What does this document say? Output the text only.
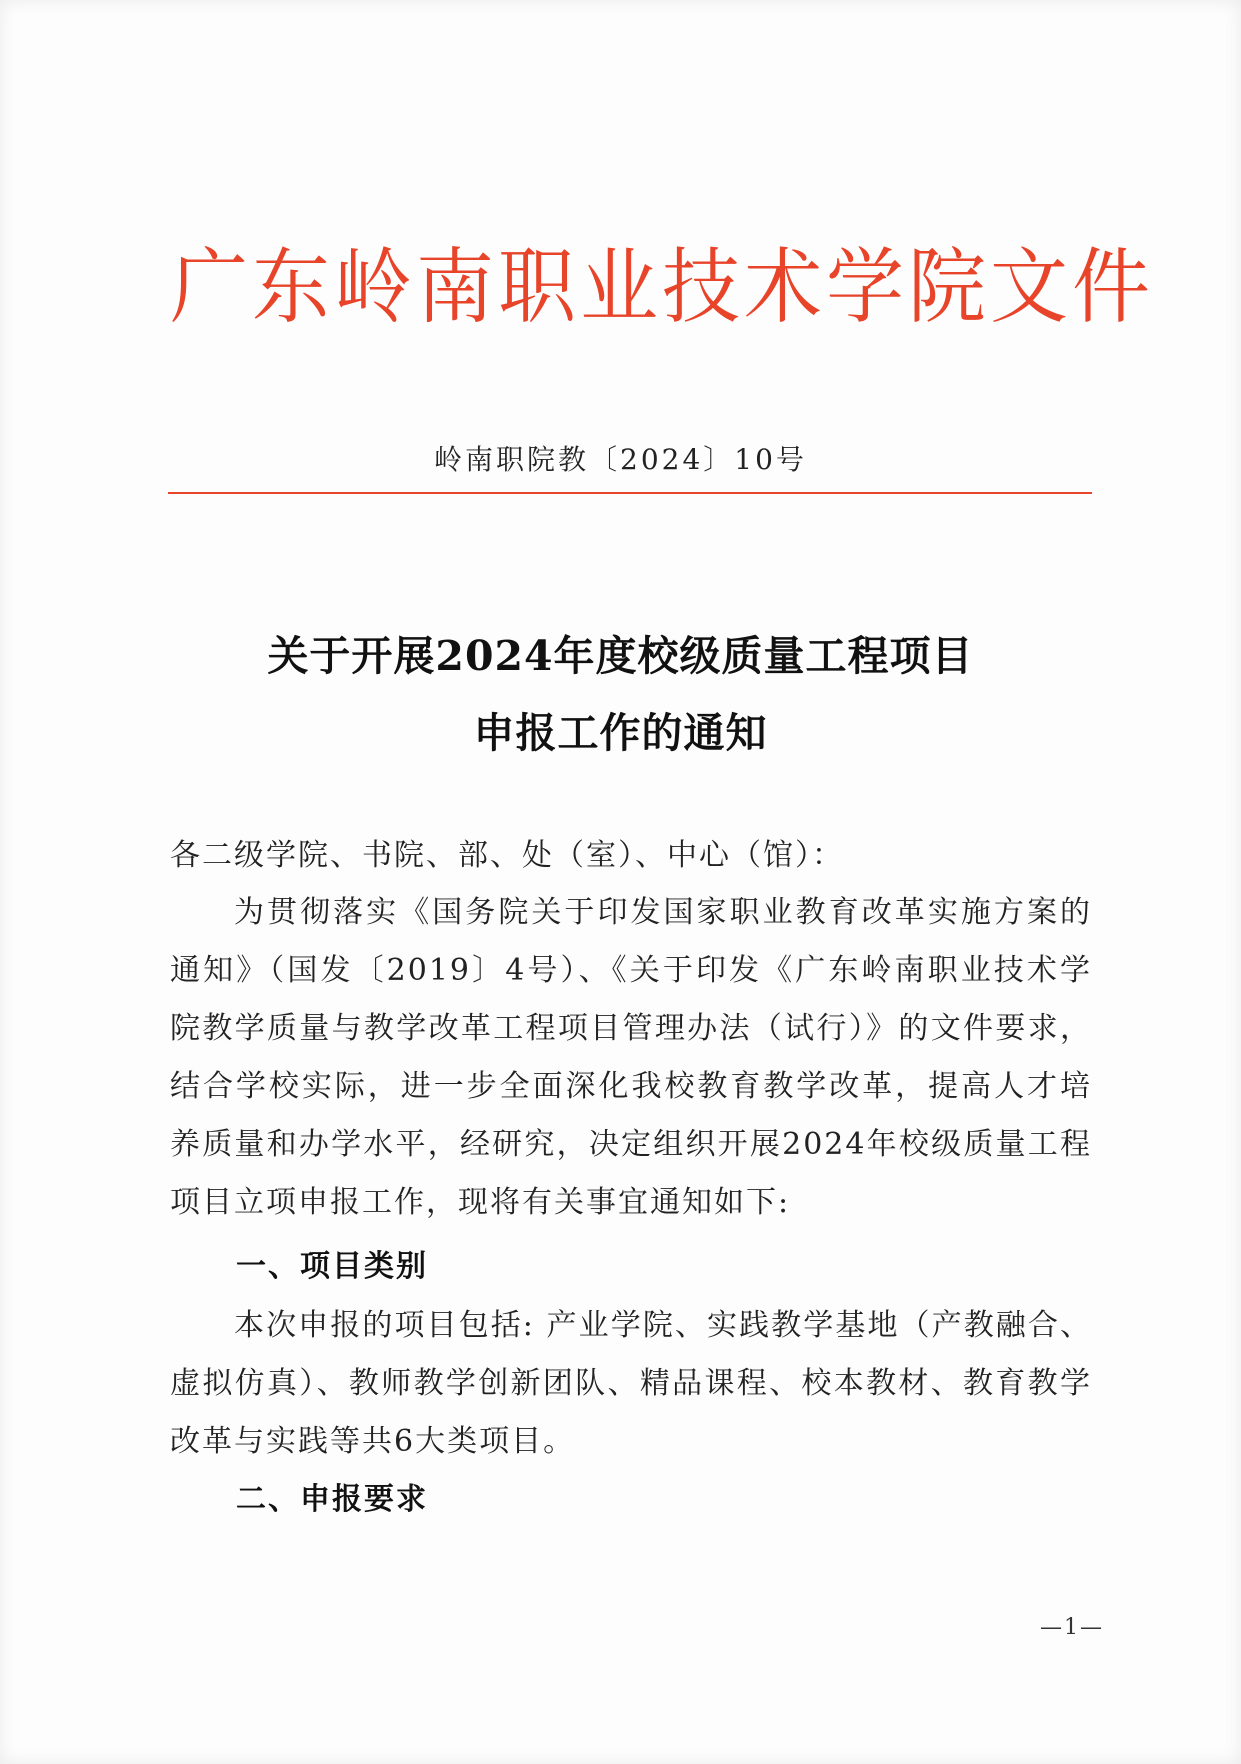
广东岭南职业技术学院文件
岭南职院教〔2024〕10号
关于开展2024年度校级质量工程项目
申报工作的通知
各二级学院、书院、部、处（室）、中心（馆）：
为贯彻落实《国务院关于印发国家职业教育改革实施方案的通知》（国发〔2019〕4号）、《关于印发《广东岭南职业技术学院教学质量与教学改革工程项目管理办法（试行）》的文件要求，结合学校实际，进一步全面深化我校教育教学改革，提高人才培养质量和办学水平，经研究，决定组织开展2024年校级质量工程项目立项申报工作，现将有关事宜通知如下:
一、项目类别
本次申报的项目包括: 产业学院、实践教学基地（产教融合、虚拟仿真）、教师教学创新团队、精品课程、校本教材、教育教学改革与实践等共6大类项目。
二、申报要求
—1—
